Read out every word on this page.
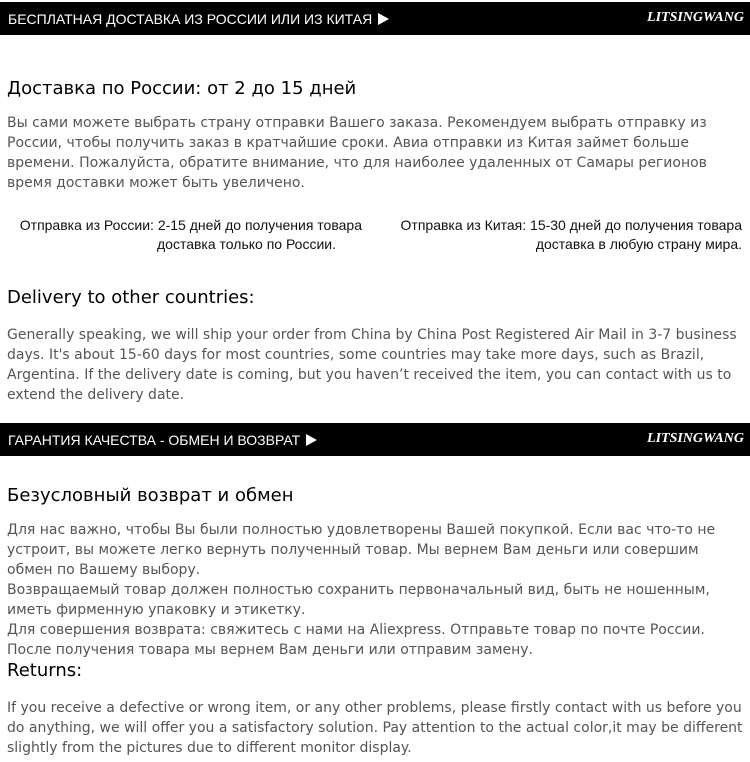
БЕСПЛАТНАЯ ДОСТАВКА ИЗ РОССИИ ИЛИ ИЗ КИТАЯ	LITSINGWANG
Доставка по России: от 2 до 15 дней
Вы сами можете выбрать страну отправки Вашего заказа. Рекомендуем выбрать отправку из России, чтобы получить заказ в кратчайшие сроки. Авиа отправки из Китая займет больше времени. Пожалуйста, обратите внимание, что для наиболее удаленных от Самары регионов время доставки может быть увеличено.
Отправка из России: 2-15 дней до получения товара
доставка только по России.
Отправка из Китая: 15-30 дней до получения товара
доставка в любую страну мира.
Delivery to other countries:
Generally speaking, we will ship your order from China by China Post Registered Air Mail in 3-7 business days. It's about 15-60 days for most countries, some countries may take more days, such as Brazil, Argentina. If the delivery date is coming, but you haven’t received the item, you can contact with us to extend the delivery date.
ГАРАНТИЯ КАЧЕСТВА - ОБМЕН И ВОЗВРАТ	LITSINGWANG
Безусловный возврат и обмен
Для нас важно, чтобы Вы были полностью удовлетворены Вашей покупкой. Если вас что-то не устроит, вы можете легко вернуть полученный товар. Мы вернем Вам деньги или совершим обмен по Вашему выбору.
Возвращаемый товар должен полностью сохранить первоначальный вид, быть не ношенным, иметь фирменную упаковку и этикетку.
Для совершения возврата: свяжитесь с нами на Aliexpress. Отправьте товар по почте России. После получения товара мы вернем Вам деньги или отправим замену.
Returns:
If you receive a defective or wrong item, or any other problems, please firstly contact with us before you do anything, we will offer you a satisfactory solution. Pay attention to the actual color,it may be different slightly from the pictures due to different monitor display.
